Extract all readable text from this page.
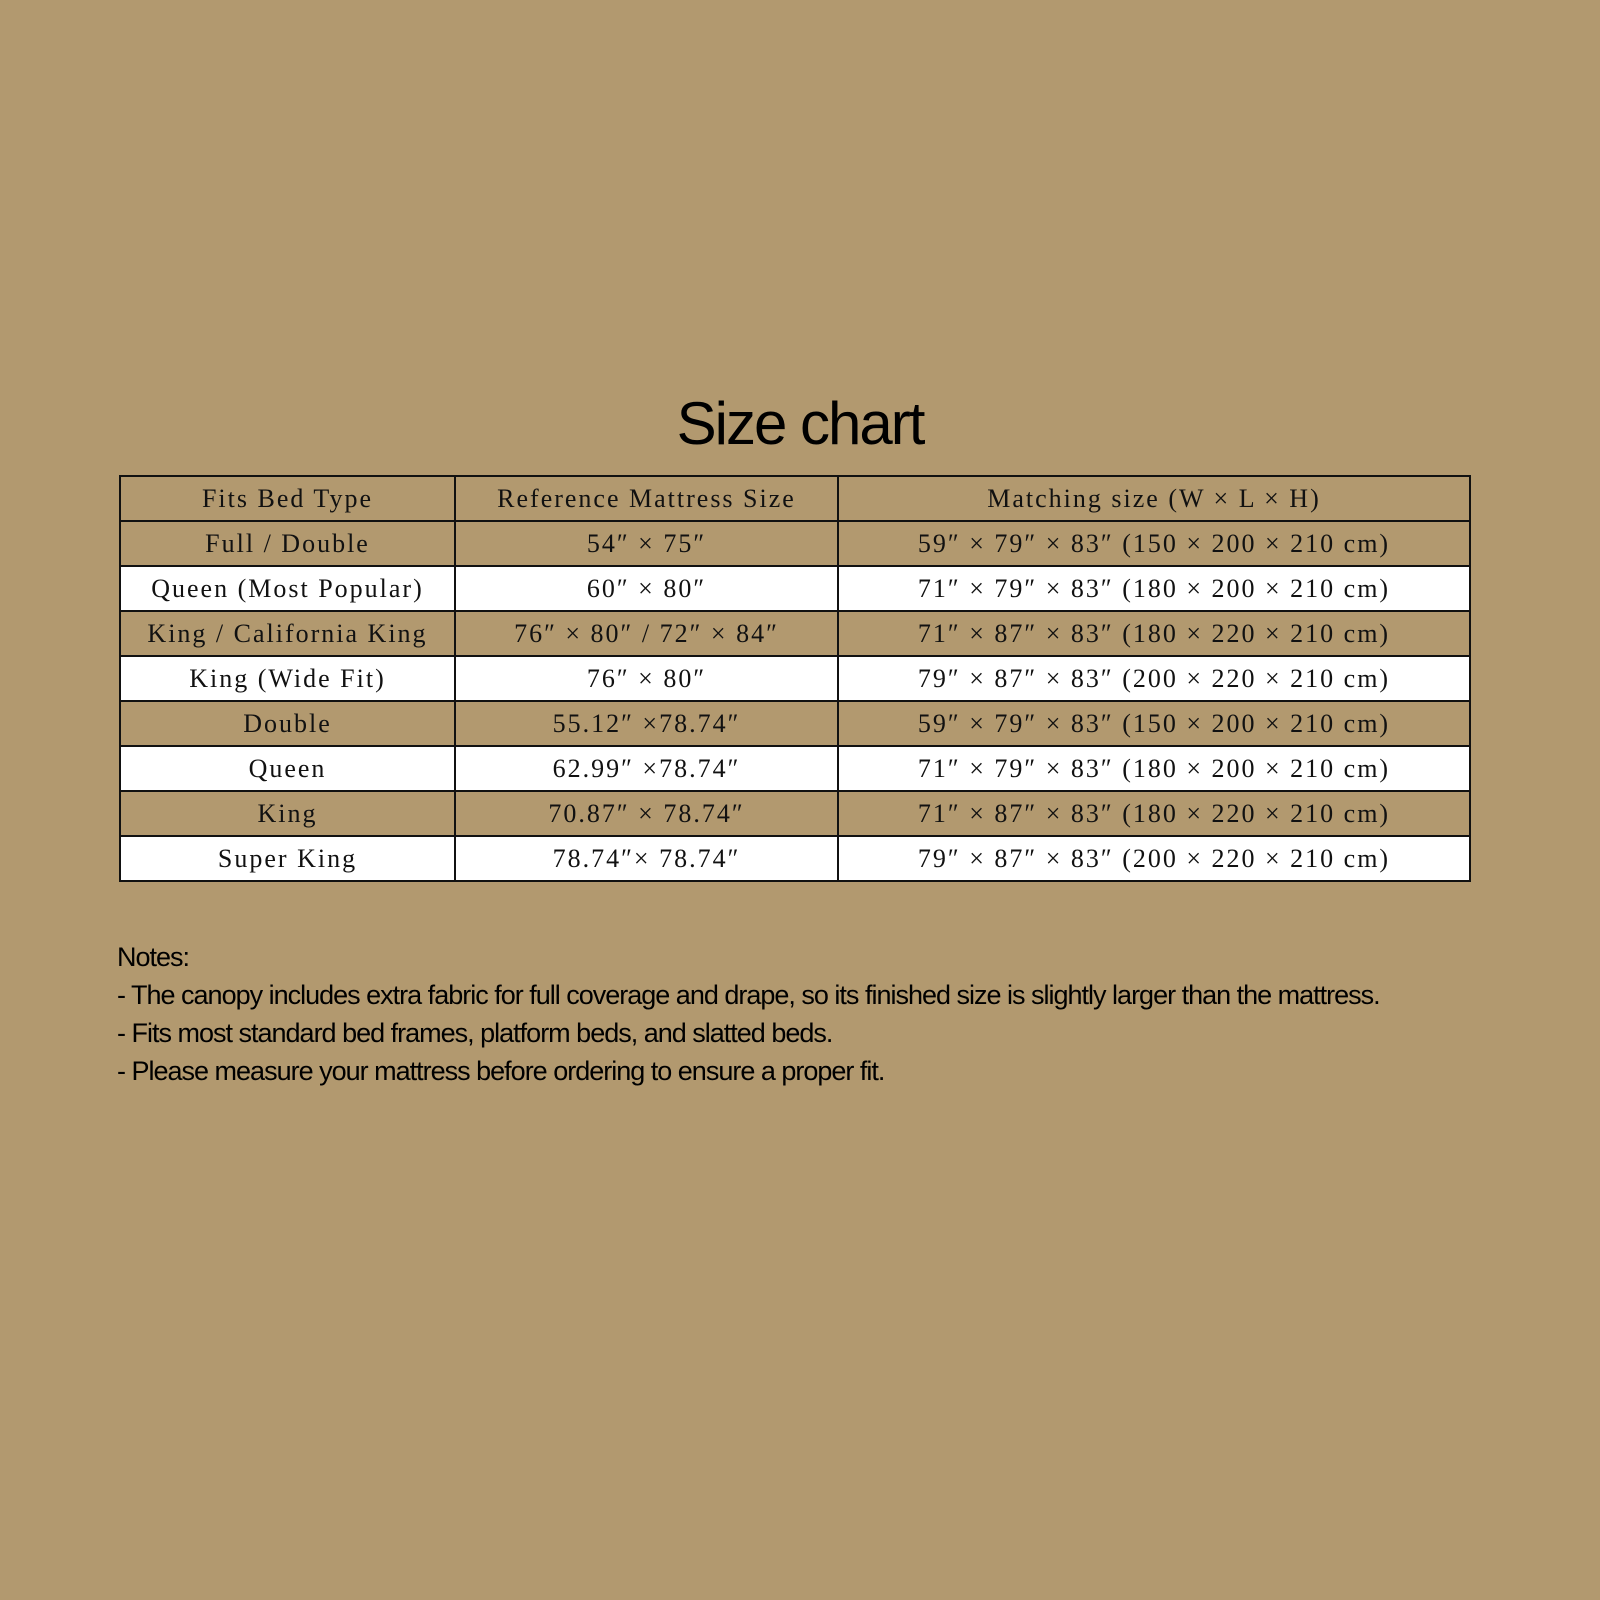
Size chart
Fits Bed Type	Reference Mattress Size	Matching size (W × L × H)
Full / Double	54″ × 75″	59″ × 79″ × 83″ (150 × 200 × 210 cm)
Queen (Most Popular)	60″ × 80″	71″ × 79″ × 83″ (180 × 200 × 210 cm)
King / California King	76″ × 80″ / 72″ × 84″	71″ × 87″ × 83″ (180 × 220 × 210 cm)
King (Wide Fit)	76″ × 80″	79″ × 87″ × 83″ (200 × 220 × 210 cm)
Double	55.12″ ×78.74″	59″ × 79″ × 83″ (150 × 200 × 210 cm)
Queen	62.99″ ×78.74″	71″ × 79″ × 83″ (180 × 200 × 210 cm)
King	70.87″ × 78.74″	71″ × 87″ × 83″ (180 × 220 × 210 cm)
Super King	78.74″× 78.74″	79″ × 87″ × 83″ (200 × 220 × 210 cm)
Notes:
- The canopy includes extra fabric for full coverage and drape, so its finished size is slightly larger than the mattress.
- Fits most standard bed frames, platform beds, and slatted beds.
- Please measure your mattress before ordering to ensure a proper fit.
